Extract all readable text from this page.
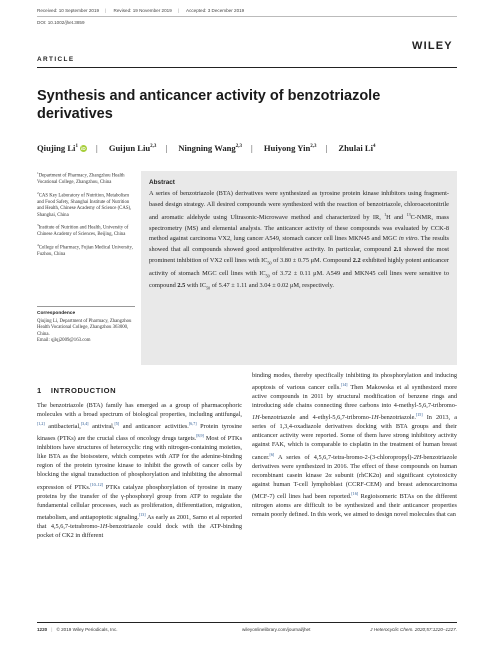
Received: 10 September 2019 | Revised: 19 November 2019 | Accepted: 3 December 2019
DOI: 10.1002/jhet.3859
WILEY
ARTICLE
Synthesis and anticancer activity of benzotriazole derivatives
Qiujing Li$^1$ iD | Guijun Liu$^{2,3}$ | Ningning Wang$^{2,3}$ | Huiyong Yin$^{2,3}$ | Zhulai Li$^4$

$^1$Department of Pharmacy, Zhangzhou Health Vocational College, Zhangzhou, China

$^2$CAS Key Laboratory of Nutrition, Metabolism and Food Safety, Shanghai Institute of Nutrition and Health, Chinese Academy of Science (CAS), Shanghai, China

$^3$Institute of Nutrition and Health, University of Chinese Academy of Sciences, Beijing, China

$^4$College of Pharmacy, Fujian Medical University, Fuzhou, China

Correspondence
Qiujing Li, Department of Pharmacy, Zhangzhou Health Vocational College, Zhangzhou 363000, China.
Email: qjlqj2009@163.com
Abstract
A series of benzotriazole (BTA) derivatives were synthesized as tyrosine protein kinase inhibitors using fragment-based design strategy. All desired compounds were synthesized with the reaction of benzotriazole, chloroacetonitrile and aromatic aldehyde using Ultrasonic-Microwave method and characterized by IR, $^1$H and $^{13}$C-NMR, mass spectrometry (MS) and elemental analysis. The anticancer activity of these compounds was evaluated by CCK-8 method against carcinoma VX2, lung cancer A549, stomach cancer cell lines MKN45 and MGC in vitro. The results showed that all compounds showed good antiproliferative activity. In particular, compound 2.1 showed the most prominent inhibition of VX2 cell lines with $IC_{50}$ of 3.80 ± 0.75 μM. Compound 2.2 exhibited highly potent anticancer activity of stomach MGC cell lines with $IC_{50}$ of 3.72 ± 0.11 μM. A549 and MKN45 cell lines were sensitive to compound 2.5 with $IC_{50}$ of 5.47 ± 1.11 and 3.04 ± 0.02 μM, respectively.
1 INTRODUCTION
The benzotriazole (BTA) family has emerged as a group of pharmacophoric molecules with a broad spectrum of biological properties, including antifungal,[1,2] antibacterial,[3,4] antiviral,[5] and anticancer activities.[6,7] Protein tyrosine kinases (PTKs) are the crucial class of oncology drugs targets.[8,9] Most of PTKs inhibitors have structures of heterocyclic ring with nitrogen-containing moieties, like BTA as the bioisostere, which competes with ATP for the adenine-binding region of the protein tyrosine kinase to inhibit the growth of cancer cells by blocking the signal transduction of phosphorylation and inhibiting the abnormal expression of PTKs.[10–12] PTKs catalyze phosphorylation of tyrosine in many proteins by the transfer of the γ-phosphoryl group from ATP to regulate the fundamental cellular processes, such as proliferation, differentiation, migration, metabolism, and antiapoptotic signaling.[13] As early as 2001, Sarno et al reported that 4,5,6,7-tetrabromo-1H-benzotriazole could dock with the ATP-binding pocket of CK2 in different
binding modes, thereby specifically inhibiting its phosphorylation and inducing apoptosis of various cancer cells.[14] Then Makowska et al synthesized more active compounds in 2011 by structural modification of benzene rings and introducing side chains connecting three carbons into 4-methyl-5,6,7-tribromo-1H-benzotriazole and 4-ethyl-5,6,7-tribromo-1H-benzotriazole.[15] In 2013, a series of 1,3,4-oxadiazole derivatives docking with BTA groups and their anticancer activity were reported. Some of them have strong inhibitory activity against FAK, which is comparable to cisplatin in the treatment of human breast cancer.[6] A series of 4,5,6,7-tetra-bromo-2-(3-chloropropyl)-2H-benzotriazole derivatives were synthesized in 2016. The effect of these compounds on human recombinant casein kinase 2α subunit (rhCK2α) and significant cytotoxicity against human T-cell lymphoblast (CCRF-CEM) and breast adenocarcinoma (MCF-7) cell lines had been reported.[16] Regioisomeric BTAs on the different nitrogen atoms are difficult to be synthesized and their anticancer properties remain poorly defined. In this work, we aimed to design novel molecules that can
1220 | © 2019 Wiley Periodicals, Inc.	wileyonlinelibrary.com/journal/jhet	J Heterocyclic Chem. 2020;57:1220–1227.
